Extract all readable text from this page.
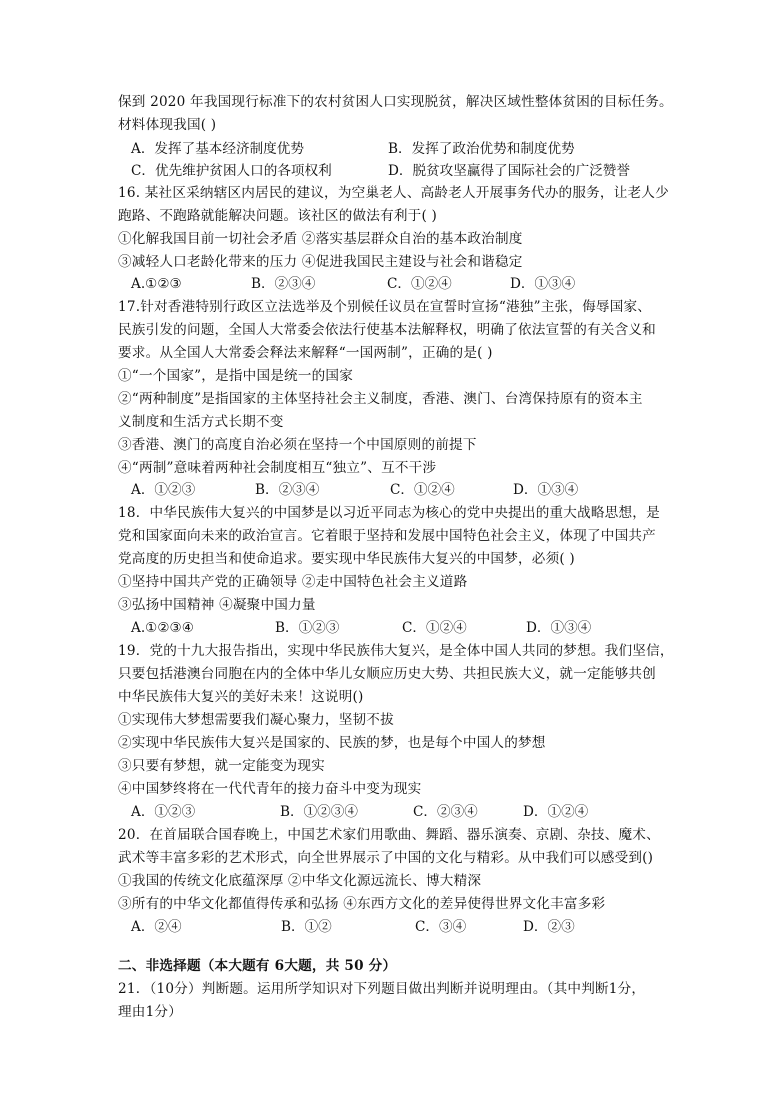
保到 2020 年我国现行标准下的农村贫困人口实现脱贫，解决区域性整体贫困的目标任务。
材料体现我国( )
A．发挥了基本经济制度优势	B．发挥了政治优势和制度优势
C．优先维护贫困人口的各项权利	D．脱贫攻坚赢得了国际社会的广泛赞誉
16. 某社区采纳辖区内居民的建议，为空巢老人、高龄老人开展事务代办的服务，让老人少
跑路、不跑路就能解决问题。该社区的做法有利于( )
①化解我国目前一切社会矛盾 ②落实基层群众自治的基本政治制度
③减轻人口老龄化带来的压力 ④促进我国民主建设与社会和谐稳定
A.①②③	B．②③④	C．①②④	D．①③④
17.针对香港特别行政区立法选举及个别候任议员在宣誓时宣扬“港独”主张，侮辱国家、
民族引发的问题，全国人大常委会依法行使基本法解释权，明确了依法宣誓的有关含义和
要求。从全国人大常委会释法来解释“一国两制”，正确的是( )
①“一个国家”，是指中国是统一的国家
②“两种制度”是指国家的主体坚持社会主义制度，香港、澳门、台湾保持原有的资本主
义制度和生活方式长期不变
③香港、澳门的高度自治必须在坚持一个中国原则的前提下
④“两制”意味着两种社会制度相互“独立”、互不干涉
A．①②③	B．②③④	C．①②④	D．①③④
18．中华民族伟大复兴的中国梦是以习近平同志为核心的党中央提出的重大战略思想，是
党和国家面向未来的政治宣言。它着眼于坚持和发展中国特色社会主义，体现了中国共产
党高度的历史担当和使命追求。要实现中华民族伟大复兴的中国梦，必须( )
①坚持中国共产党的正确领导 ②走中国特色社会主义道路
③弘扬中国精神 ④凝聚中国力量
A.①②③④	B．①②③	C．①②④	D．①③④
19．党的十九大报告指出，实现中华民族伟大复兴，是全体中国人共同的梦想。我们坚信，
只要包括港澳台同胞在内的全体中华儿女顺应历史大势、共担民族大义，就一定能够共创
中华民族伟大复兴的美好未来！这说明()
①实现伟大梦想需要我们凝心聚力，坚韧不拔
②实现中华民族伟大复兴是国家的、民族的梦，也是每个中国人的梦想
③只要有梦想，就一定能变为现实
④中国梦终将在一代代青年的接力奋斗中变为现实
A．①②③	B．①②③④	C．②③④	D．①②④
20．在首届联合国春晚上，中国艺术家们用歌曲、舞蹈、器乐演奏、京剧、杂技、魔术、
武术等丰富多彩的艺术形式，向全世界展示了中国的文化与精彩。从中我们可以感受到()
①我国的传统文化底蕴深厚 ②中华文化源远流长、博大精深
③所有的中华文化都值得传承和弘扬 ④东西方文化的差异使得世界文化丰富多彩
A．②④	B．①②	C．③④	D．②③
二、非选择题（本大题有 6大题，共 50 分）
21．（10分）判断题。运用所学知识对下列题目做出判断并说明理由。（其中判断1分，
理由1分）
